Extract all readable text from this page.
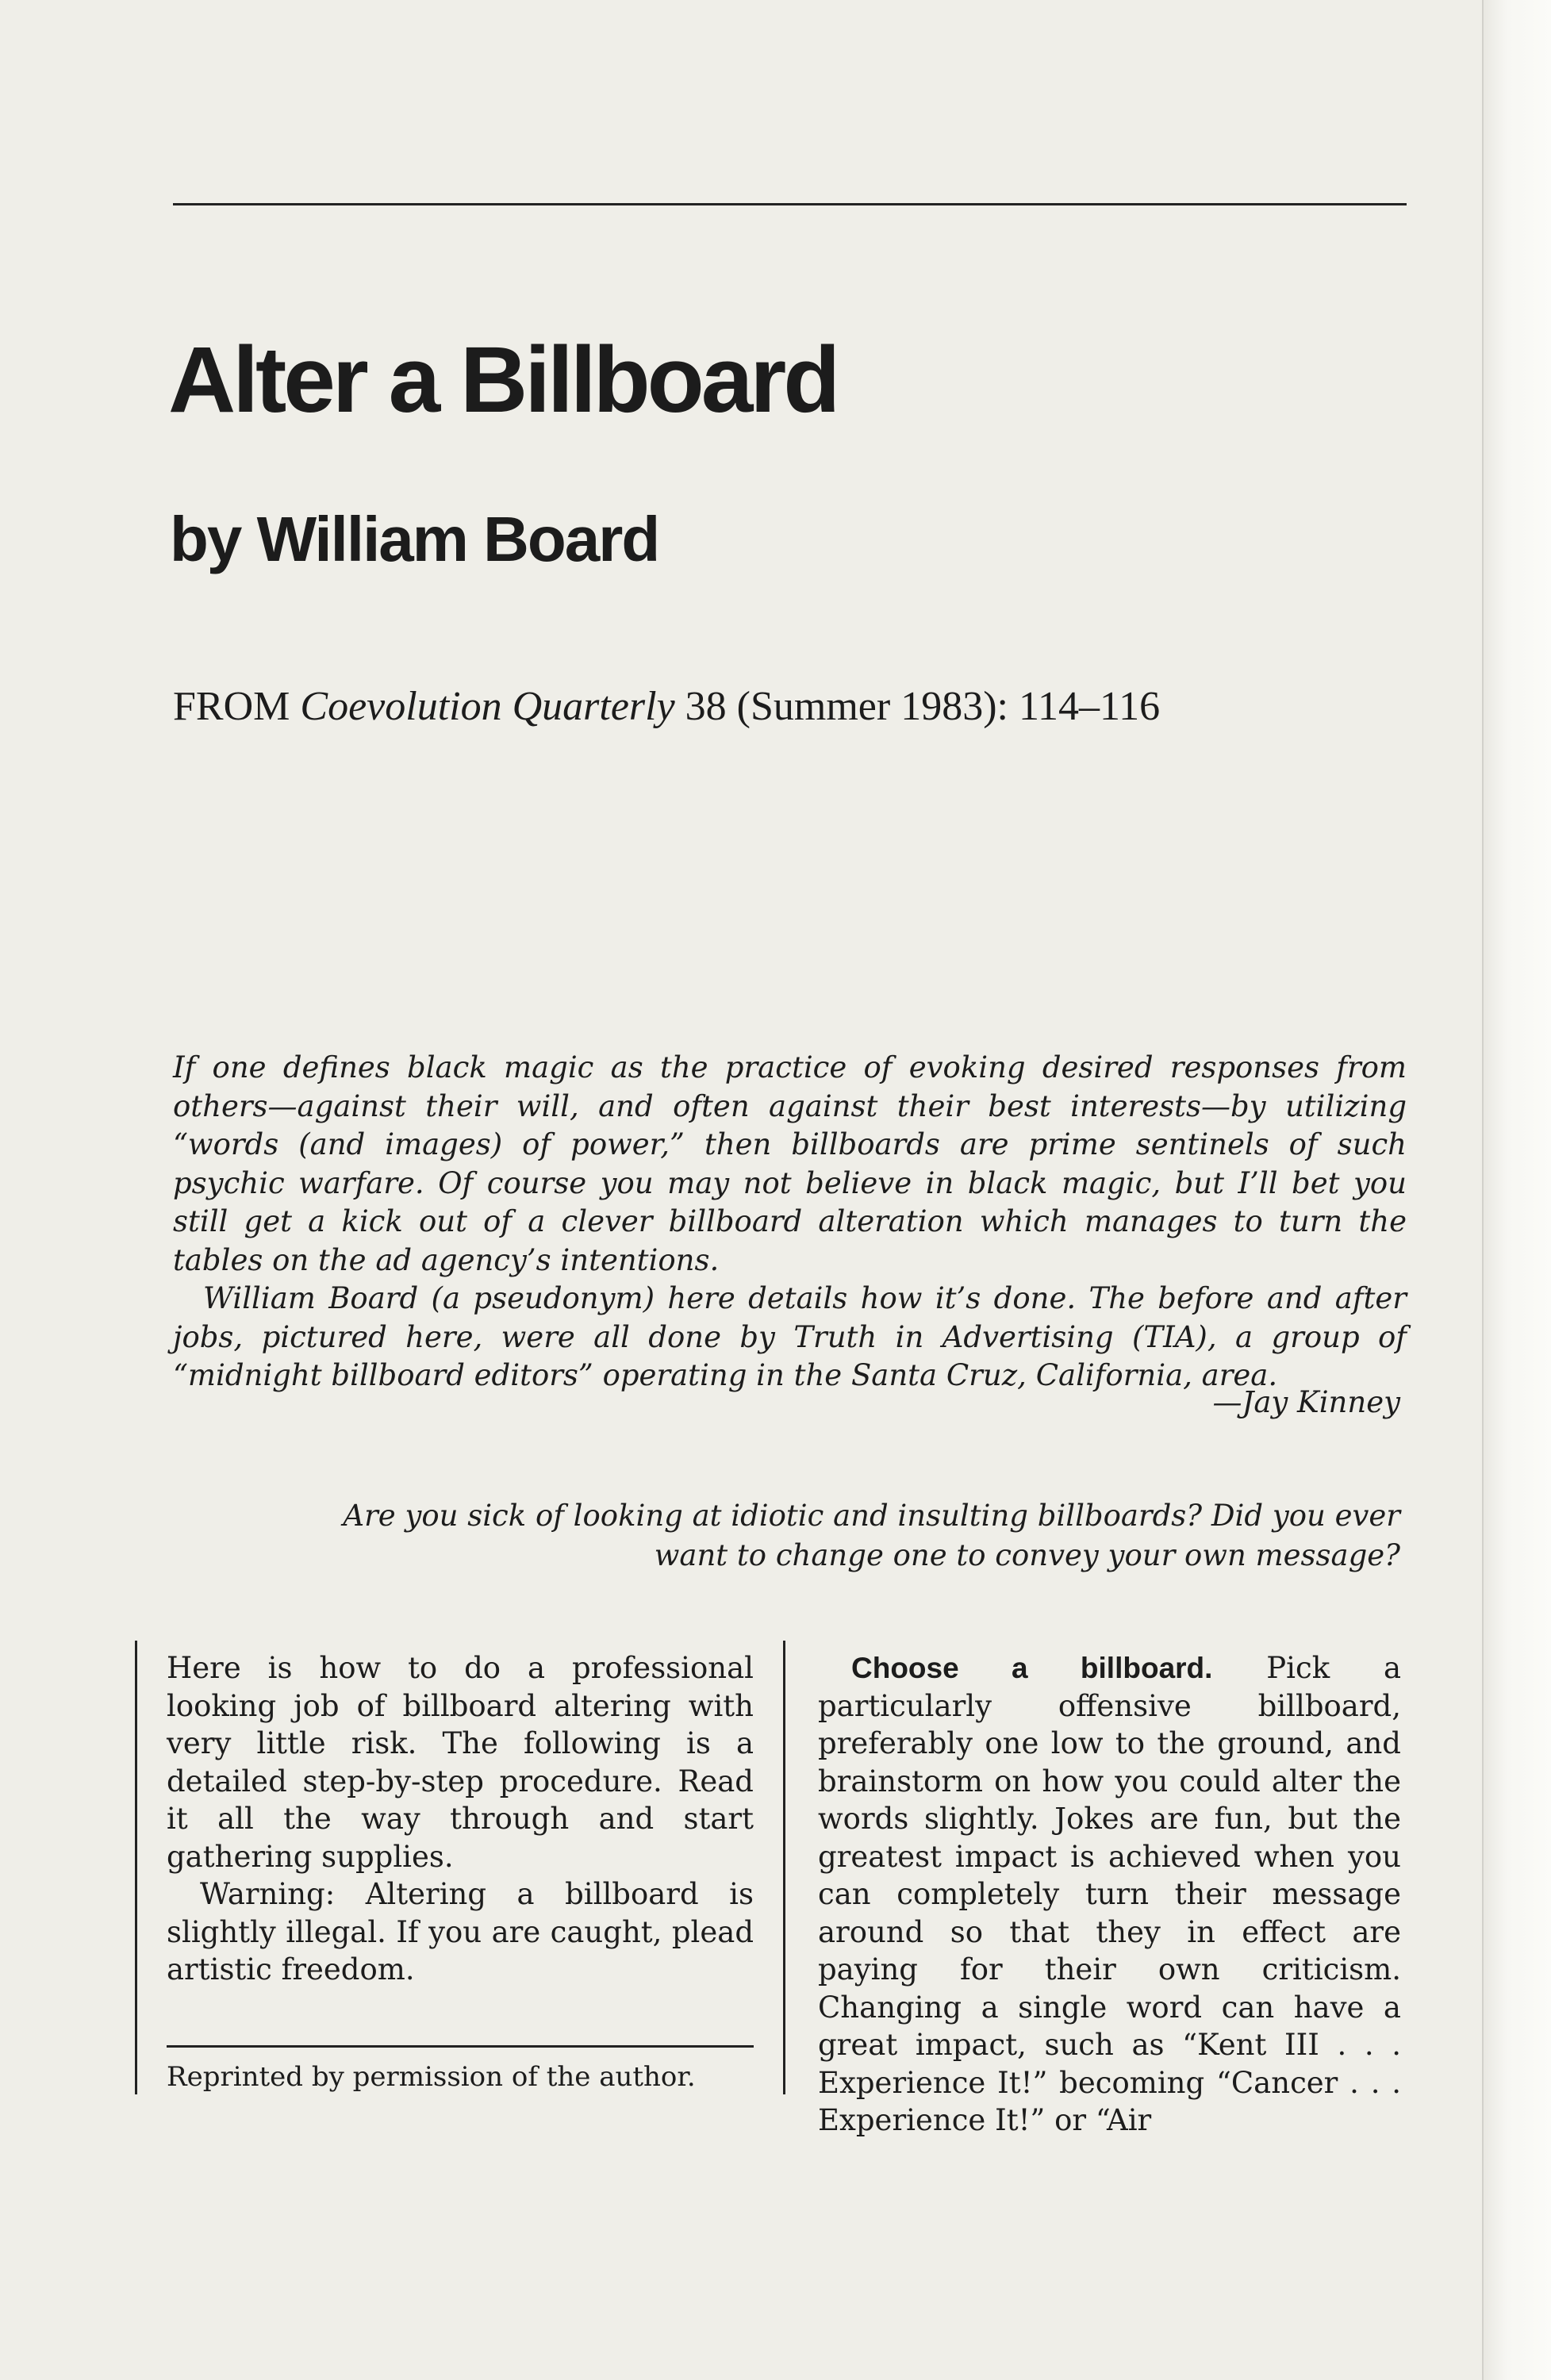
Alter a Billboard
by William Board

FROM Coevolution Quarterly 38 (Summer 1983): 114–116

If one defines black magic as the practice of evoking desired responses from others—against their will, and often against their best interests—by utilizing “words (and images) of power,” then billboards are prime sentinels of such psychic warfare. Of course you may not believe in black magic, but I’ll bet you still get a kick out of a clever billboard alteration which manages to turn the tables on the ad agency’s intentions.

William Board (a pseudonym) here details how it’s done. The before and after jobs, pictured here, were all done by Truth in Advertising (TIA), a group of “midnight billboard editors” operating in the Santa Cruz, California, area.

—Jay Kinney

Are you sick of looking at idiotic and insulting billboards? Did you ever want to change one to convey your own message?

Here is how to do a professional looking job of billboard altering with very little risk. The following is a detailed step-by-step procedure. Read it all the way through and start gathering supplies.

Warning: Altering a billboard is slightly illegal. If you are caught, plead artistic freedom.

Reprinted by permission of the author.

Choose a billboard. Pick a particularly offensive billboard, preferably one low to the ground, and brainstorm on how you could alter the words slightly. Jokes are fun, but the greatest impact is achieved when you can completely turn their message around so that they in effect are paying for their own criticism. Changing a single word can have a great impact, such as “Kent III . . . Experience It!” becoming “Cancer . . . Experience It!” or “Air
